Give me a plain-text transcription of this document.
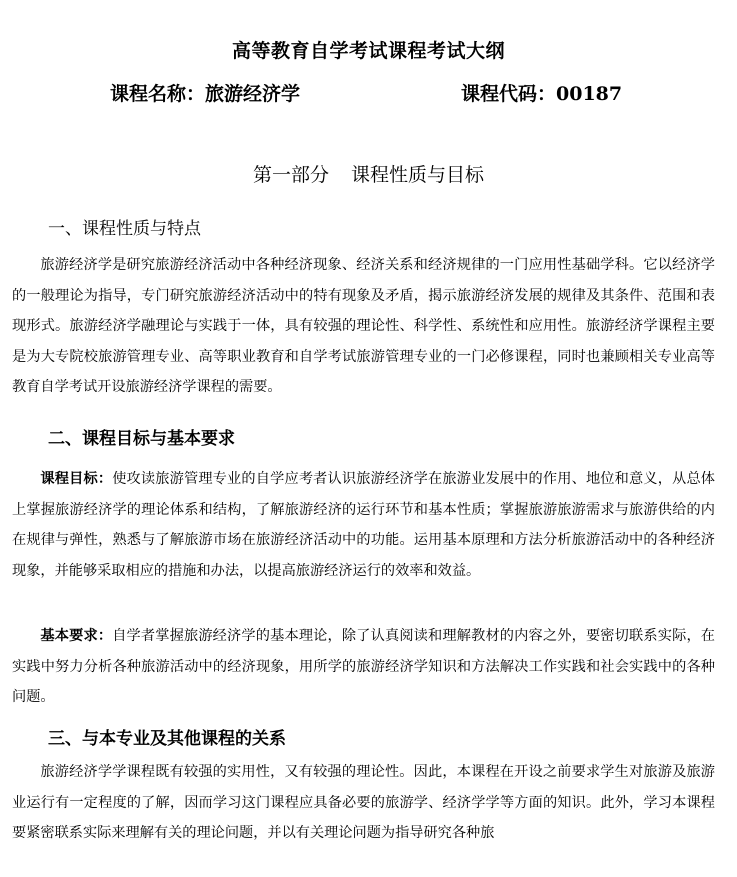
高等教育自学考试课程考试大纲
课程名称：旅游经济学	课程代码：00187
第一部分 课程性质与目标
一、课程性质与特点

旅游经济学是研究旅游经济活动中各种经济现象、经济关系和经济规律的一门应用性基础学科。它以经济学的一般理论为指导，专门研究旅游经济活动中的特有现象及矛盾，揭示旅游经济发展的规律及其条件、范围和表现形式。旅游经济学融理论与实践于一体，具有较强的理论性、科学性、系统性和应用性。旅游经济学课程主要是为大专院校旅游管理专业、高等职业教育和自学考试旅游管理专业的一门必修课程，同时也兼顾相关专业高等教育自学考试开设旅游经济学课程的需要。

二、课程目标与基本要求

课程目标：使攻读旅游管理专业的自学应考者认识旅游经济学在旅游业发展中的作用、地位和意义，从总体上掌握旅游经济学的理论体系和结构，了解旅游经济的运行环节和基本性质；掌握旅游旅游需求与旅游供给的内在规律与弹性，熟悉与了解旅游市场在旅游经济活动中的功能。运用基本原理和方法分析旅游活动中的各种经济现象，并能够采取相应的措施和办法，以提高旅游经济运行的效率和效益。

基本要求：自学者掌握旅游经济学的基本理论，除了认真阅读和理解教材的内容之外，要密切联系实际，在实践中努力分析各种旅游活动中的经济现象，用所学的旅游经济学知识和方法解决工作实践和社会实践中的各种问题。

三、与本专业及其他课程的关系

旅游经济学学课程既有较强的实用性，又有较强的理论性。因此，本课程在开设之前要求学生对旅游及旅游业运行有一定程度的了解，因而学习这门课程应具备必要的旅游学、经济学学等方面的知识。此外，学习本课程要紧密联系实际来理解有关的理论问题，并以有关理论问题为指导研究各种旅
